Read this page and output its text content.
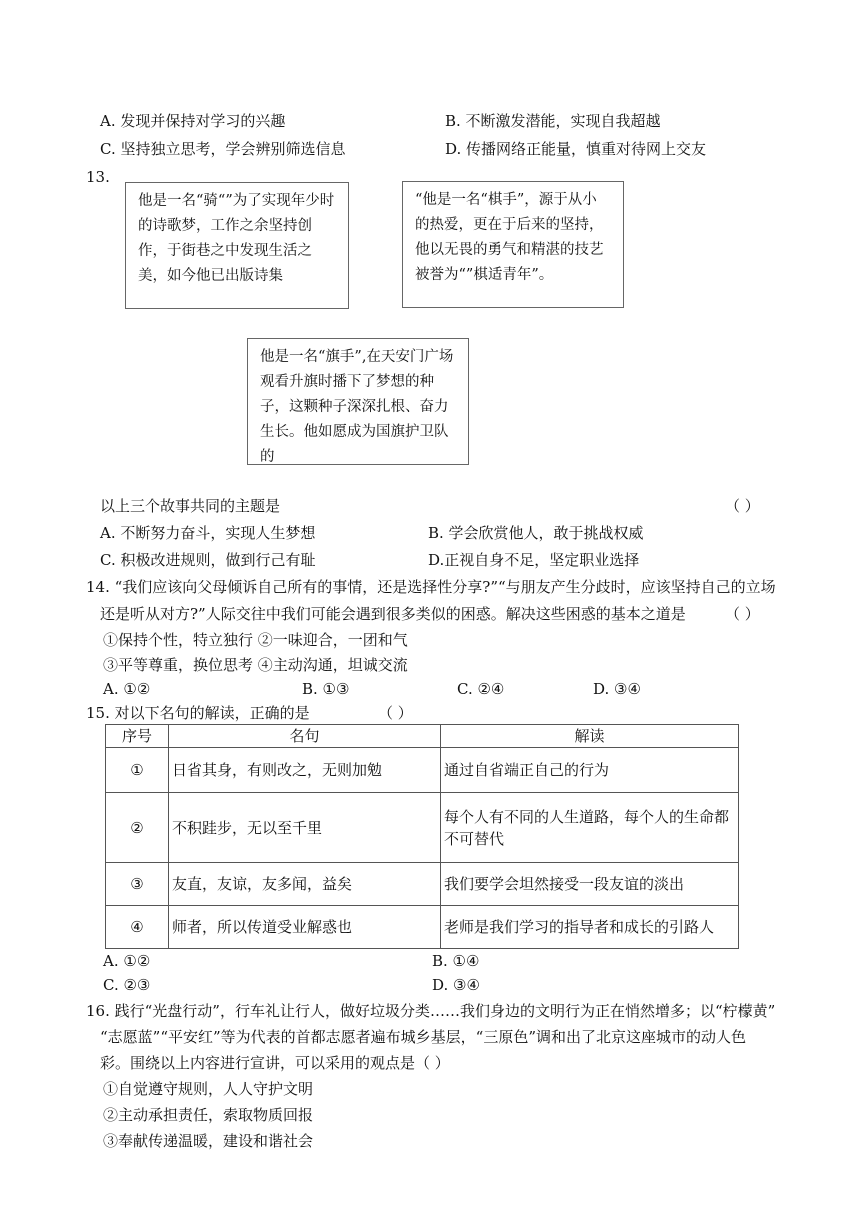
A. 发现并保持对学习的兴趣	B. 不断激发潜能，实现自我超越
C. 坚持独立思考，学会辨别筛选信息	D. 传播网络正能量，慎重对待网上交友
13.
他是一名“骑“”为了实现年少时的诗歌梦，工作之余坚持创作，于街巷之中发现生活之美，如今他已出版诗集
“他是一名“棋手”，源于从小的热爱，更在于后来的坚持，他以无畏的勇气和精湛的技艺被誉为“”棋适青年”。
他是一名“旗手”,在天安门广场观看升旗时播下了梦想的种子，这颗种子深深扎根、奋力生长。他如愿成为国旗护卫队的
以上三个故事共同的主题是	（ ）
A. 不断努力奋斗，实现人生梦想	B. 学会欣赏他人，敢于挑战权威
C. 积极改进规则，做到行己有耻	D.正视自身不足，坚定职业选择
14. “我们应该向父母倾诉自己所有的事情，还是选择性分享?”“与朋友产生分歧时，应该坚持自己的立场
还是听从对方?”人际交往中我们可能会遇到很多类似的困惑。解决这些困惑的基本之道是	（ ）
①保持个性，特立独行 ②一味迎合，一团和气
③平等尊重，换位思考 ④主动沟通，坦诚交流
A. ①②	B. ①③	C. ②④	D. ③④
15. 对以下名句的解读，正确的是	（ ）
序号	名句	解读
①	日省其身，有则改之，无则加勉	通过自省端正自己的行为
②	不积跬步，无以至千里	每个人有不同的人生道路，每个人的生命都不可替代
③	友直，友谅，友多闻，益矣	我们要学会坦然接受一段友谊的淡出
④	师者，所以传道受业解惑也	老师是我们学习的指导者和成长的引路人
A. ①②	B. ①④
C. ②③	D. ③④
16. 践行“光盘行动”，行车礼让行人，做好垃圾分类……我们身边的文明行为正在悄然增多；以“柠檬黄”
“志愿蓝”“平安红”等为代表的首都志愿者遍布城乡基层，“三原色”调和出了北京这座城市的动人色
彩。围绕以上内容进行宣讲，可以采用的观点是（ ）
①自觉遵守规则，人人守护文明
②主动承担责任，索取物质回报
③奉献传递温暖，建设和谐社会
